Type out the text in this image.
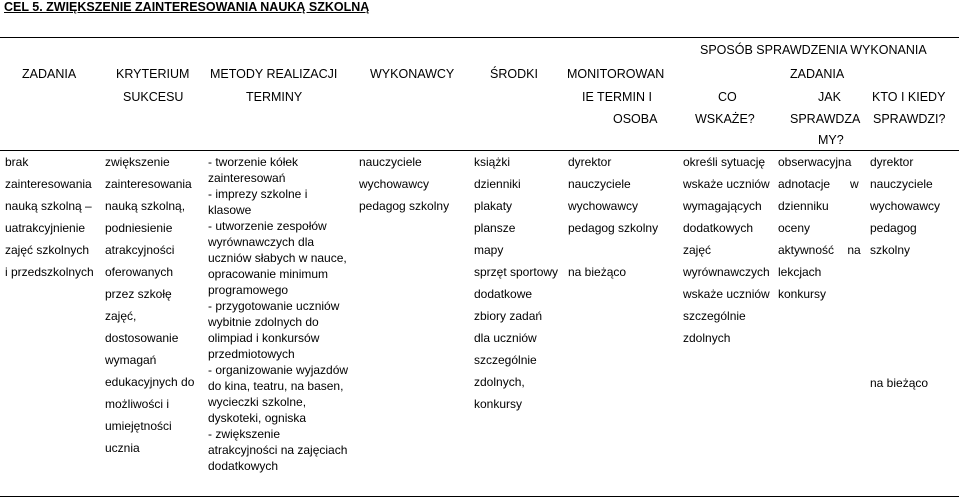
CEL 5. ZWIĘKSZENIE ZAINTERESOWANIA NAUKĄ SZKOLNĄ
ZADANIA	KRYTERIUM
SUKCESU
METODY REALIZACJI
TERMINY
WYKONAWCY	ŚRODKI MONITOROWAN
IE TERMIN I
OSOBA
SPOSÓB SPRAWDZENIA WYKONANIA
ZADANIA
CO
WSKAŻE?
JAK
SPRAWDZA
MY?
KTO I KIEDY
SPRAWDZI?
brak
zainteresowania
nauką szkolną –
uatrakcyjnienie
zajęć szkolnych
i przedszkolnych
zwiększenie
zainteresowania
nauką szkolną,
podniesienie
atrakcyjności
oferowanych
przez szkołę
zajęć,
dostosowanie
wymagań
edukacyjnych do
możliwości i
umiejętności
ucznia
- tworzenie kółek
zainteresowań
- imprezy szkolne i
klasowe
- utworzenie zespołów
wyrównawczych dla
uczniów słabych w nauce,
opracowanie minimum
programowego
- przygotowanie uczniów
wybitnie zdolnych do
olimpiad i konkursów
przedmiotowych
- organizowanie wyjazdów
do kina, teatru, na basen,
wycieczki szkolne,
dyskoteki, ogniska
- zwiększenie
atrakcyjności na zajęciach
dodatkowych
nauczyciele
wychowawcy
pedagog szkolny
książki
dzienniki
plakaty
plansze
mapy
sprzęt sportowy
dodatkowe
zbiory zadań
dla uczniów
szczególnie
zdolnych,
konkursy
dyrektor
nauczyciele
wychowawcy
pedagog szkolny
na bieżąco
określi sytuację
wskaże uczniów
wymagających
dodatkowych
zajęć
wyrównawczych
wskaże uczniów
szczególnie
zdolnych
obserwacyjna
adnotacje      w
dzienniku
oceny
aktywność    na
lekcjach
konkursy
dyrektor
nauczyciele
wychowawcy
pedagog
szkolny
na bieżąco
